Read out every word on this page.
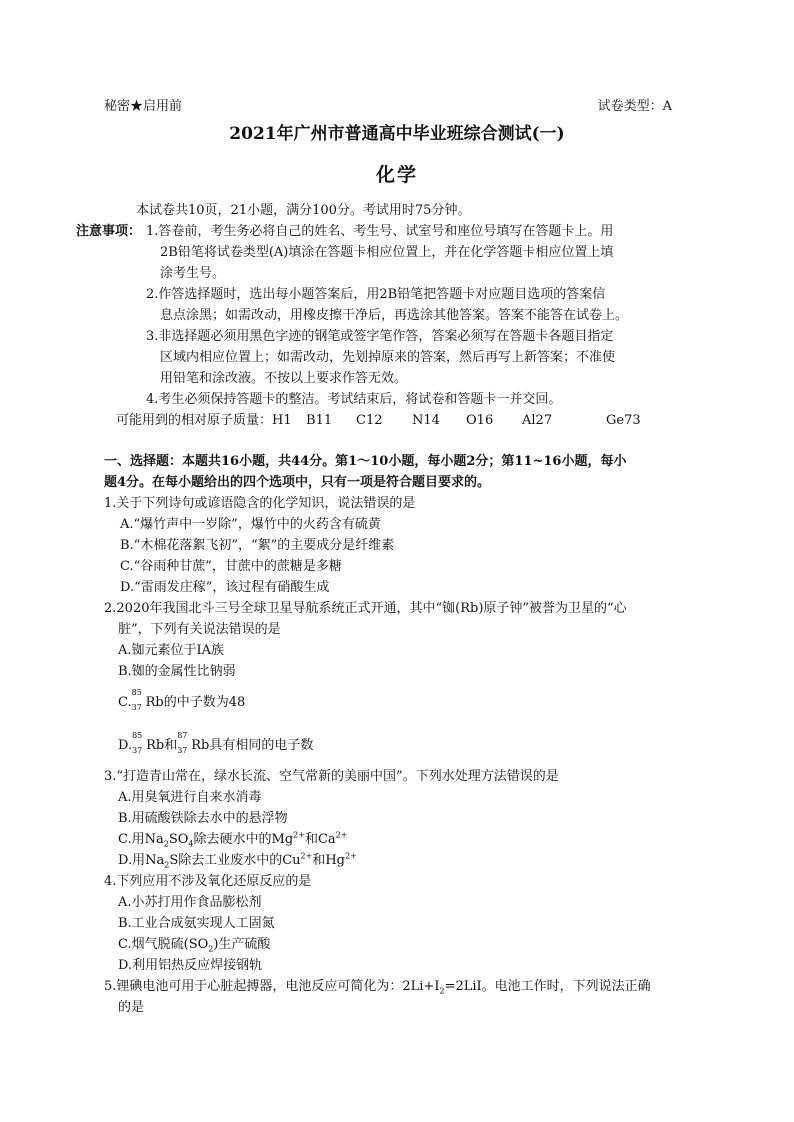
秘密★启用前	试卷类型：A
2021年广州市普通高中毕业班综合测试(一)
化学
本试卷共10页，21小题，满分100分。考试用时75分钟。
注意事项： 1.答卷前，考生务必将自己的姓名、考生号、试室号和座位号填写在答题卡上。用
2B铅笔将试卷类型(A)填涂在答题卡相应位置上，并在化学答题卡相应位置上填
涂考生号。
2.作答选择题时，选出每小题答案后，用2B铅笔把答题卡对应题目选项的答案信
息点涂黑；如需改动，用橡皮擦干净后，再选涂其他答案。答案不能答在试卷上。
3.非选择题必须用黑色字迹的钢笔或签字笔作答，答案必须写在答题卡各题目指定
区域内相应位置上；如需改动，先划掉原来的答案，然后再写上新答案；不准使
用铅笔和涂改液。不按以上要求作答无效。
4.考生必须保持答题卡的整洁。考试结束后，将试卷和答题卡一并交回。
可能用到的相对原子质量：H1 B11 C12 N14 O16 Al27	Ge73
一、选择题：本题共16小题，共44分。第1～10小题，每小题2分；第11~16小题，每小
题4分。在每小题给出的四个选项中，只有一项是符合题目要求的。
1.关于下列诗句或谚语隐含的化学知识，说法错误的是
A.“爆竹声中一岁除”，爆竹中的火药含有硫黄
B.“木棉花落絮飞初”，“絮”的主要成分是纤维素
C.“谷雨种甘蔗”，甘蔗中的蔗糖是多糖
D.“雷雨发庄稼”，该过程有硝酸生成
2.2020年我国北斗三号全球卫星导航系统正式开通，其中“铷(Rb)原子钟”被誉为卫星的“心
脏”，下列有关说法错误的是
A.铷元素位于IA族
B.铷的金属性比钠弱
C.
85
37 Rb的中子数为48
D.
85
37 Rb和
87
37 Rb具有相同的电子数
3.“打造青山常在，绿水长流、空气常新的美丽中国”。下列水处理方法错误的是
A.用臭氧进行自来水消毒
B.用硫酸铁除去水中的悬浮物
C.用$Na_2SO_4$除去硬水中的$Mg^{2+}$和$Ca^{2+}$
D.用$Na_2S$除去工业废水中的$Cu^{2+}$和$Hg^{2+}$
4.下列应用不涉及氧化还原反应的是
A.小苏打用作食品膨松剂
B.工业合成氨实现人工固氮
C.烟气脱硫$(SO_2)$生产硫酸
D.利用铝热反应焊接钢轨
5.锂碘电池可用于心脏起搏器，电池反应可简化为：$2Li+I_2=2LiI$。电池工作时，下列说法正确
的是
